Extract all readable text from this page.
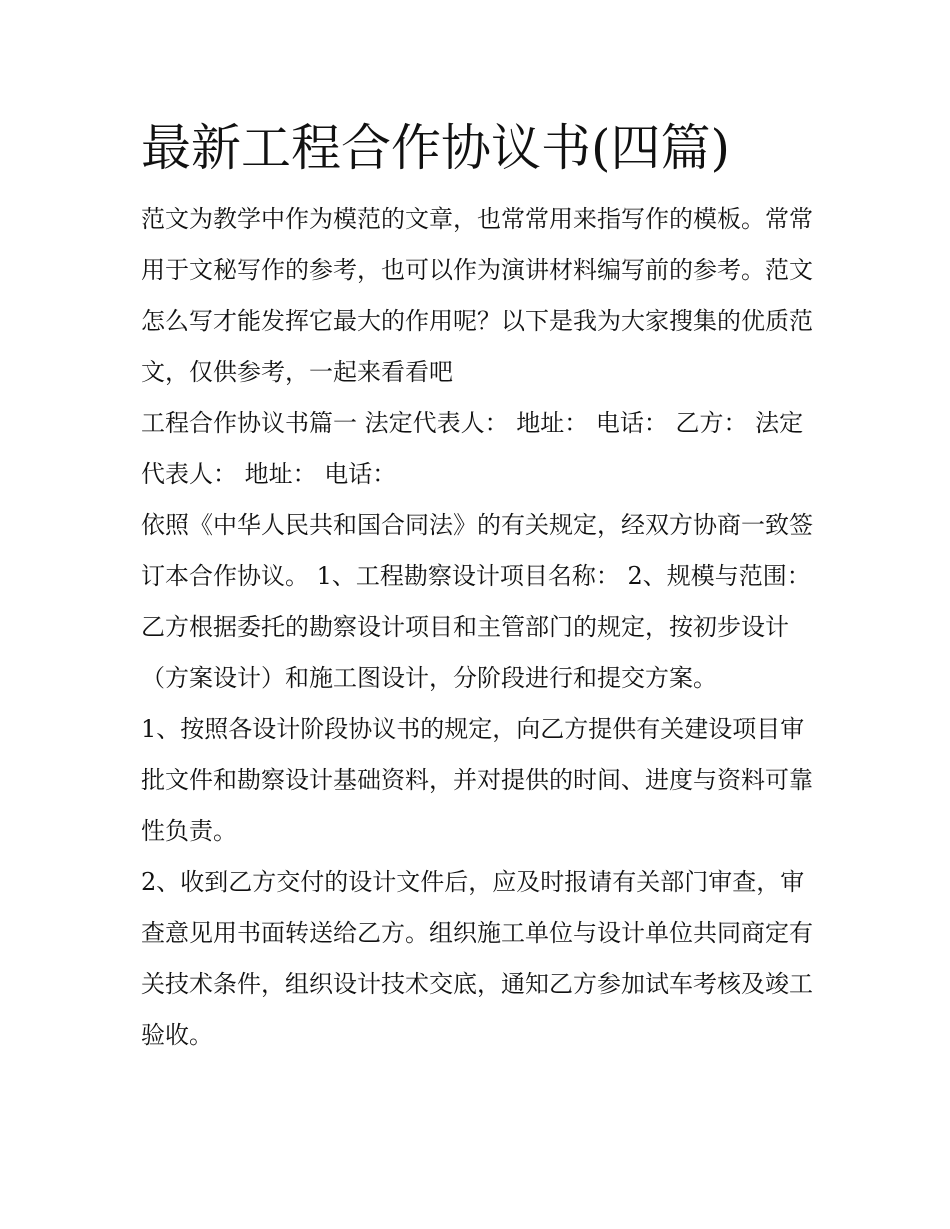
最新工程合作协议书(四篇)

范文为教学中作为模范的文章，也常常用来指写作的模板。常常用于文秘写作的参考，也可以作为演讲材料编写前的参考。范文怎么写才能发挥它最大的作用呢？以下是我为大家搜集的优质范文，仅供参考，一起来看看吧

工程合作协议书篇一 法定代表人： 地址： 电话： 乙方： 法定代表人： 地址： 电话：

依照《中华人民共和国合同法》的有关规定，经双方协商一致签订本合作协议。 1、工程勘察设计项目名称： 2、规模与范围：

乙方根据委托的勘察设计项目和主管部门的规定，按初步设计（方案设计）和施工图设计，分阶段进行和提交方案。

1、按照各设计阶段协议书的规定，向乙方提供有关建设项目审批文件和勘察设计基础资料，并对提供的时间、进度与资料可靠性负责。

2、收到乙方交付的设计文件后，应及时报请有关部门审查，审查意见用书面转送给乙方。组织施工单位与设计单位共同商定有关技术条件，组织设计技术交底，通知乙方参加试车考核及竣工验收。
